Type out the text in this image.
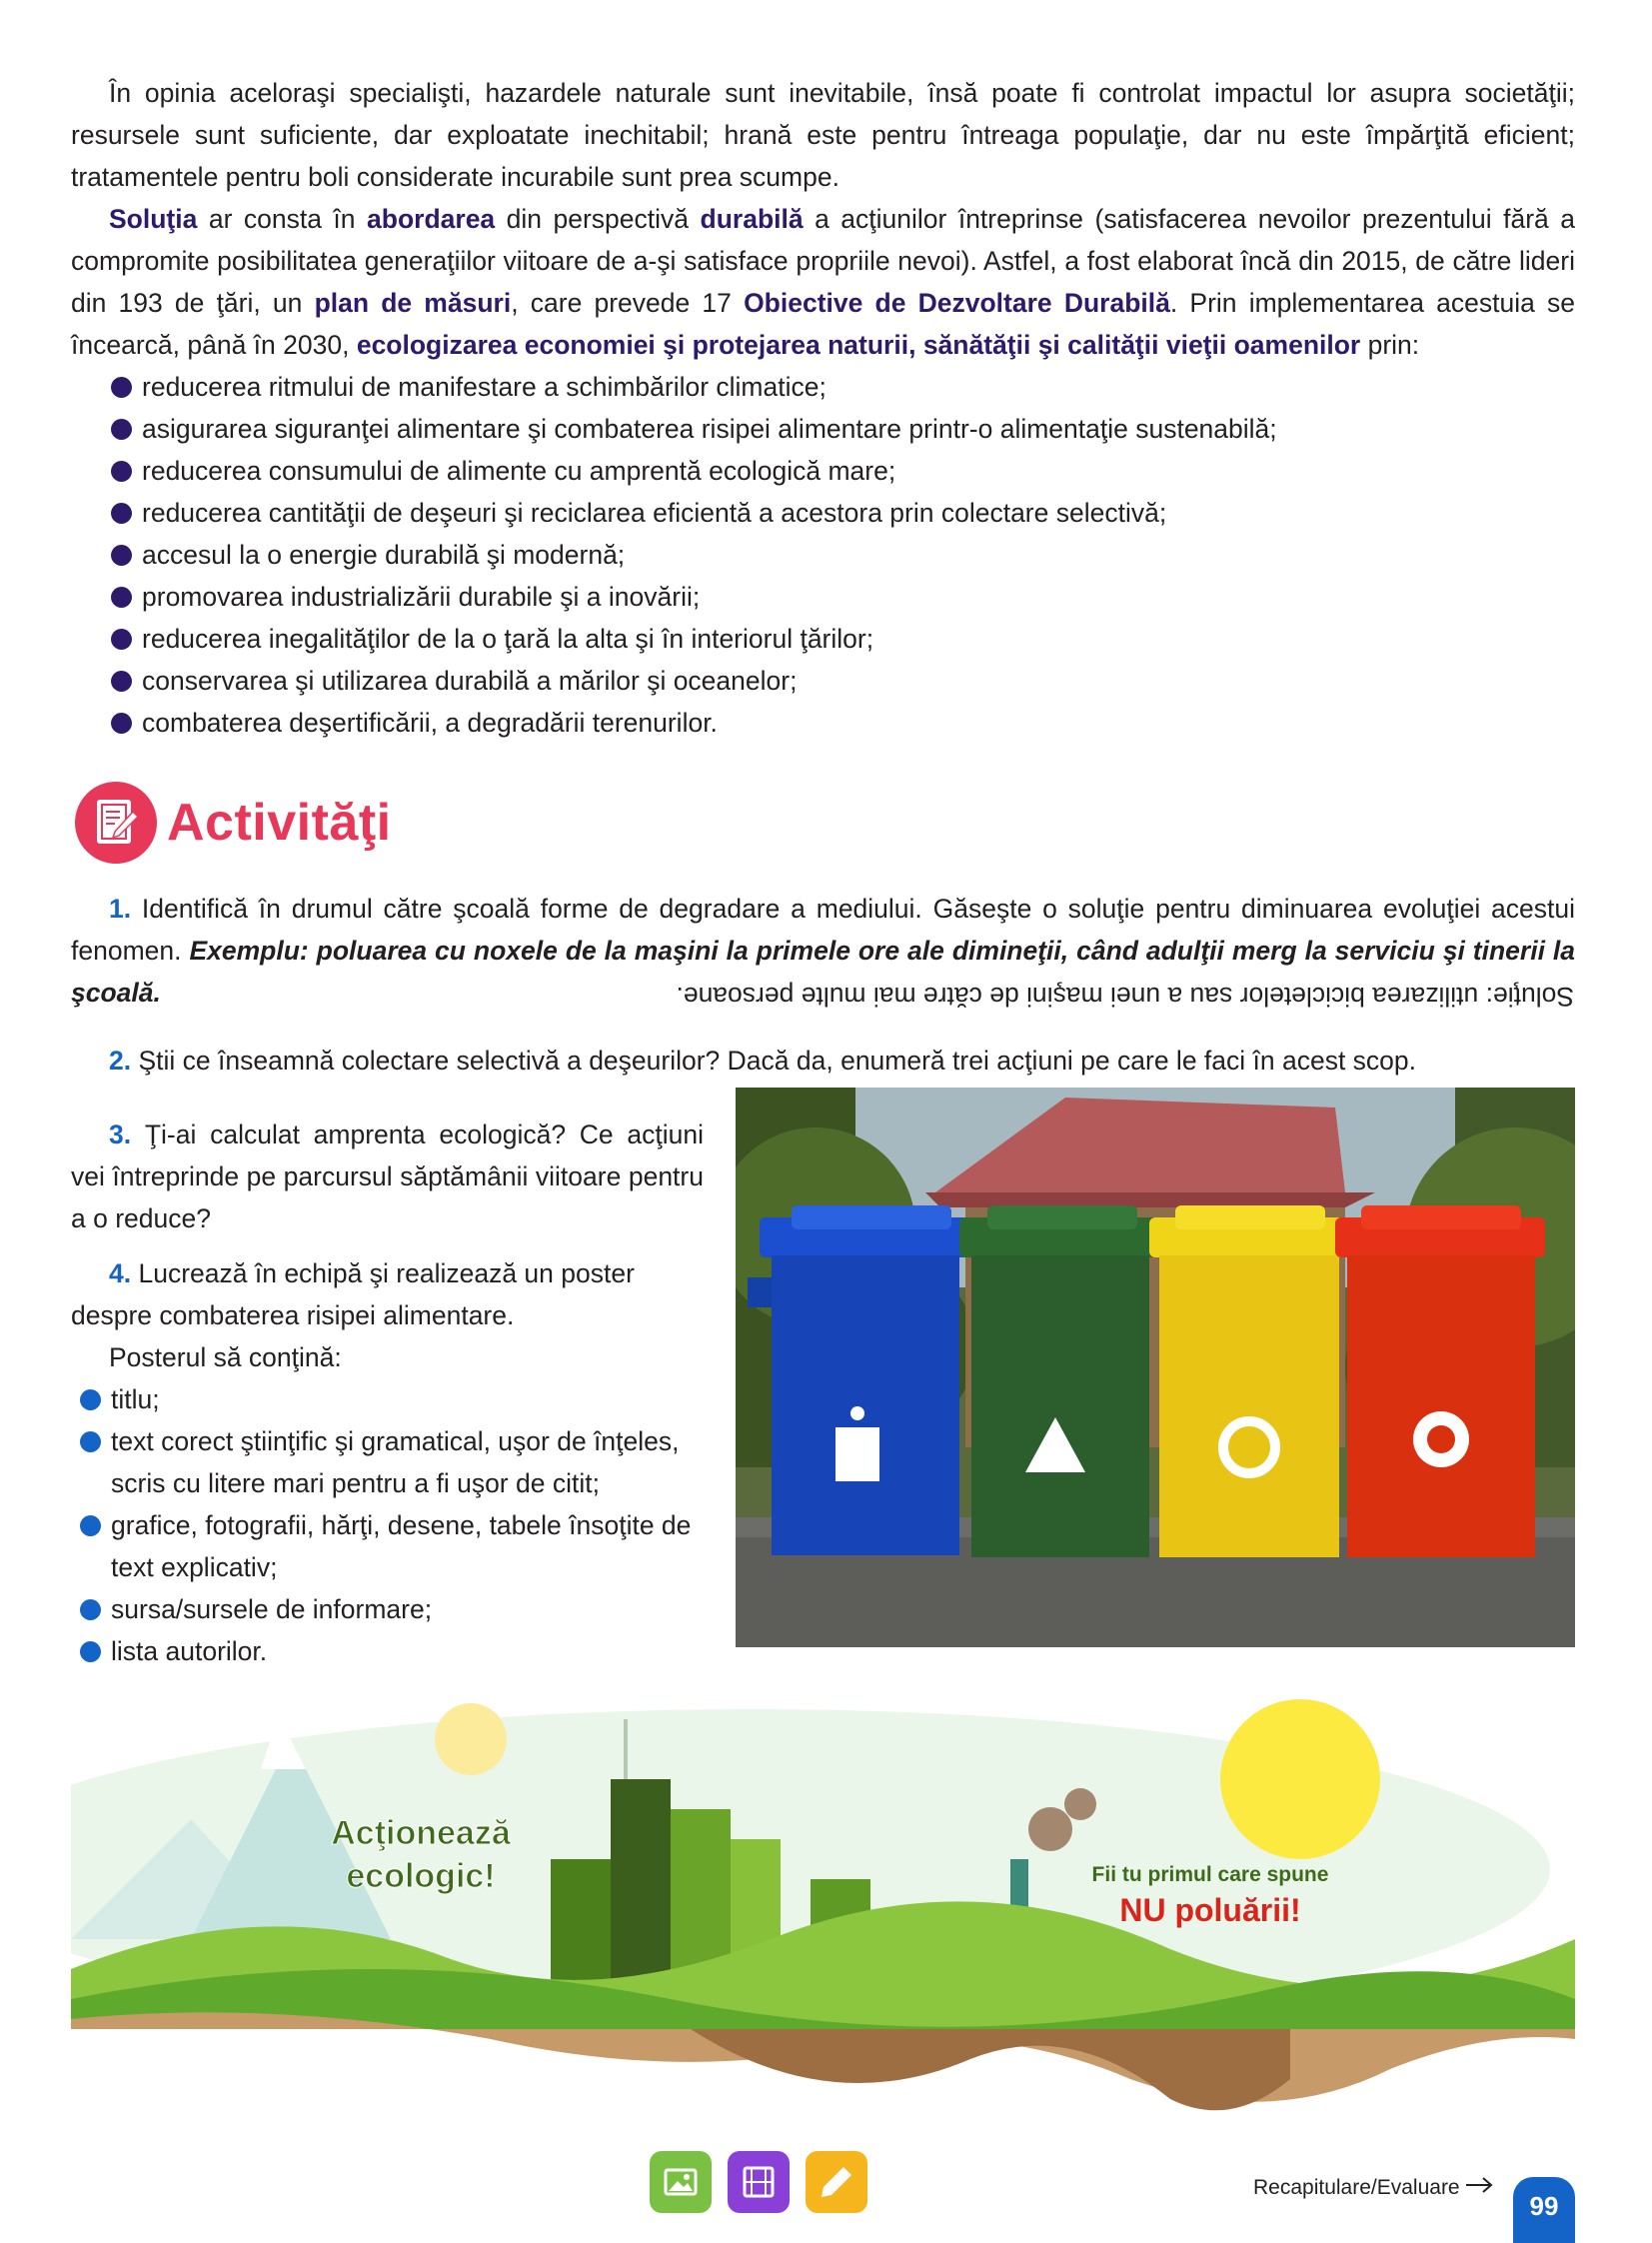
În opinia aceloraşi specialişti, hazardele naturale sunt inevitabile, însă poate fi controlat impactul lor asupra societăţii; resursele sunt suficiente, dar exploatate inechitabil; hrană este pentru întreaga populaţie, dar nu este împărţită eficient; tratamentele pentru boli considerate incurabile sunt prea scumpe.

Soluţia ar consta în abordarea din perspectivă durabilă a acţiunilor întreprinse (satisfacerea nevoilor prezentului fără a compromite posibilitatea generaţiilor viitoare de a-şi satisface propriile nevoi). Astfel, a fost elaborat încă din 2015, de către lideri din 193 de ţări, un plan de măsuri, care prevede 17 Obiective de Dezvoltare Durabilă. Prin implementarea acestuia se încearcă, până în 2030, ecologizarea economiei şi protejarea naturii, sănătăţii şi calităţii vieţii oamenilor prin:

reducerea ritmului de manifestare a schimbărilor climatice;
asigurarea siguranţei alimentare şi combaterea risipei alimentare printr-o alimentaţie sustenabilă;
reducerea consumului de alimente cu amprentă ecologică mare;
reducerea cantităţii de deşeuri şi reciclarea eficientă a acestora prin colectare selectivă;
accesul la o energie durabilă şi modernă;
promovarea industrializării durabile şi a inovării;
reducerea inegalităţilor de la o ţară la alta şi în interiorul ţărilor;
conservarea şi utilizarea durabilă a mărilor şi oceanelor;
combaterea deşertificării, a degradării terenurilor.
Activităţi

1. Identifică în drumul către şcoală forme de degradare a mediului. Găseşte o soluţie pentru diminuarea evoluţiei acestui fenomen. Exemplu: poluarea cu noxele de la maşini la primele ore ale dimineţii, când adulţii merg la serviciu şi tinerii la şcoală.	Soluţie: utilizarea bicicletelor sau a unei maşini de către mai multe persoane.
2. Ştii ce înseamnă colectare selectivă a deşeurilor? Dacă da, enumeră trei acţiuni pe care le faci în acest scop.

3. Ţi-ai calculat amprenta ecologică? Ce acţiuni vei întreprinde pe parcursul săptămânii viitoare pentru a o reduce?

4. Lucrează în echipă şi realizează un poster despre combaterea risipei alimentare.

Posterul să conţină:

titlu;
text corect ştiinţific şi gramatical, uşor de înţeles, scris cu litere mari pentru a fi uşor de citit;
grafice, fotografii, hărţi, desene, tabele însoţite de text explicativ;
sursa/sursele de informare;
lista autorilor.
Acţionează
ecologic!	Fii tu primul care spune
NU poluării!
Recapitulare/Evaluare
99
